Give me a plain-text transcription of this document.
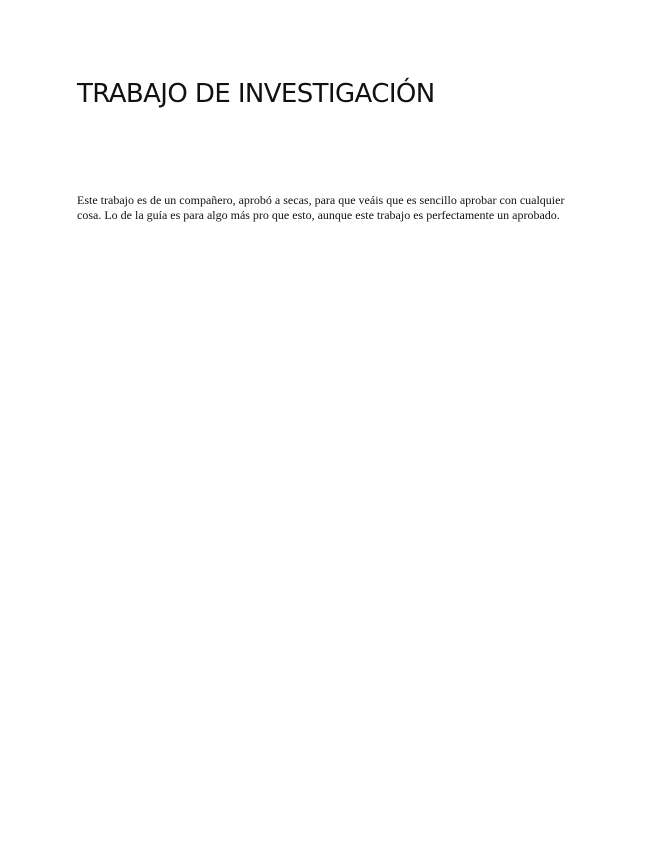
TRABAJO DE INVESTIGACIÓN

Este trabajo es de un compañero, aprobó a secas, para que veáis que es sencillo aprobar con cualquier cosa. Lo de la guía es para algo más pro que esto, aunque este trabajo es perfectamente un aprobado.
